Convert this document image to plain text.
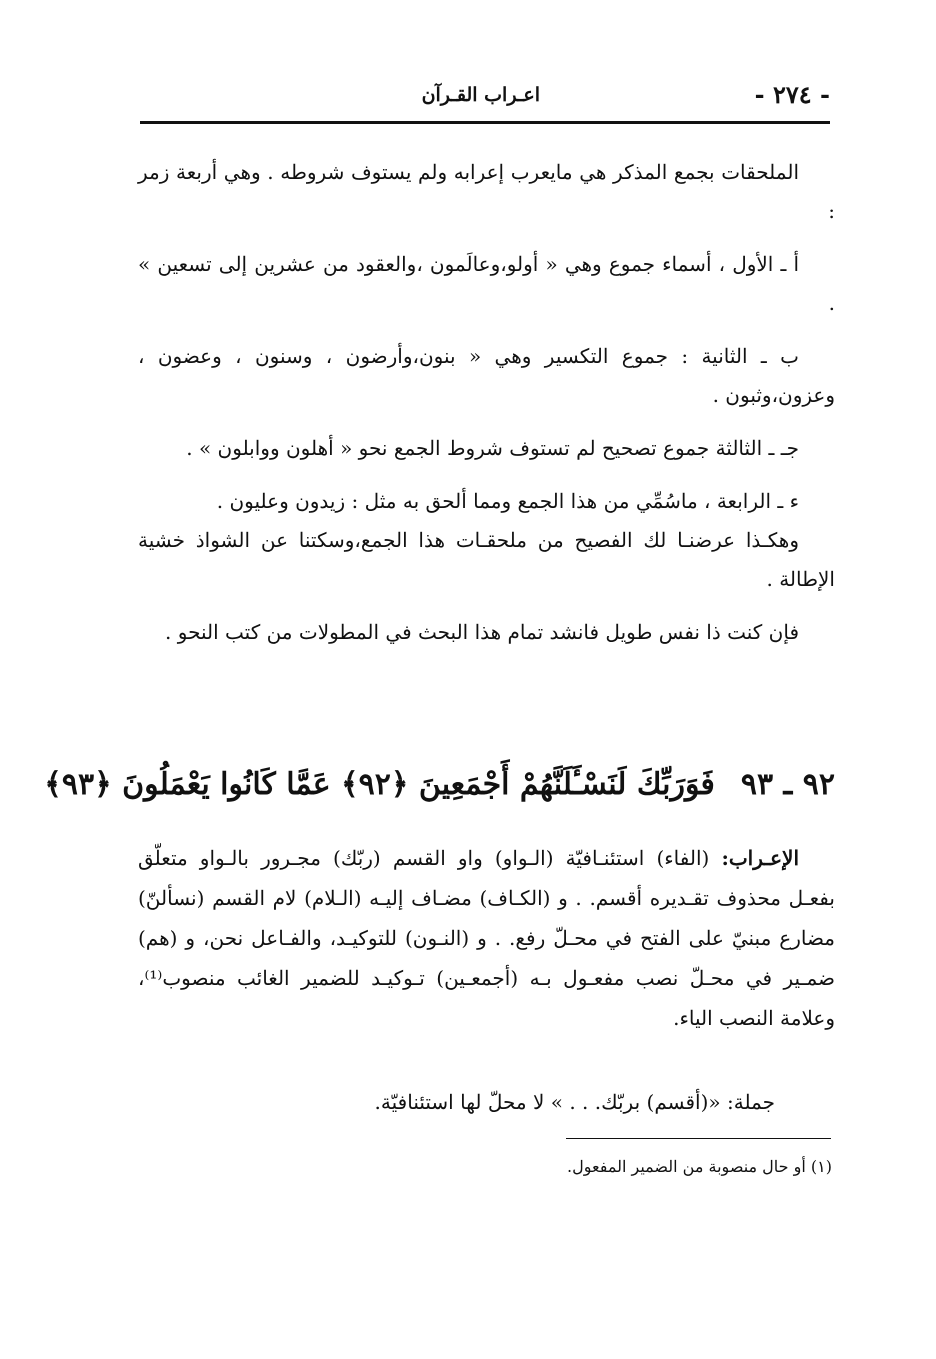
- ٢٧٤ -
اعـراب القـرآن

الملحقات بجمع المذكر هي مايعرب إعرابه ولم يستوف شروطه . وهي أربعة زمر :

أ ـ الأول ، أسماء جموع وهي « أولو،وعالَمون ،والعقود من عشرين إلى تسعين » .

ب ـ الثانية : جموع التكسير وهي « بنون،وأرضون ، وسنون ، وعضون ، وعزون،وثبون .

جـ ـ الثالثة جموع تصحيح لم تستوف شروط الجمع نحو « أهلون ووابلون » .

ء ـ الرابعة ، ماسُمِّي من هذا الجمع ومما ألحق به مثل : زيدون وعليون .

وهكـذا عرضنـا لك الفصيح من ملحقـات هذا الجمع،وسكتنا عن الشواذ خشية الإطالة .

فإن كنت ذا نفس طويل فانشد تمام هذا البحث في المطولات من كتب النحو .

٩٢ ـ ٩٣فَوَرَبِّكَ لَنَسْـَٔلَنَّهُمْ أَجْمَعِينَ ﴿٩٢﴾ عَمَّا كَانُوا يَعْمَلُونَ ﴿٩٣﴾

الإعـراب: (الفاء) استئنـافيّة (الـواو) واو القسم (ربّك) مجـرور بالـواو متعلّق بفعـل محذوف تقـديره أقسم. . و (الكـاف) مضـاف إليـه (الـلام) لام القسم (نسألنّ) مضارع مبنيّ على الفتح في محـلّ رفع. . و (النـون) للتوكيـد، والفـاعل نحن، و (هم) ضمـير في محـلّ نصب مفعـول بـه (أجمعـين) تـوكيـد للضمير الغائب منصوب⁽¹⁾، وعلامة النصب الياء.

جملة: «(أقسم) بربّك. . . » لا محلّ لها استئنافيّة.
(١) أو حال منصوبة من الضمير المفعول.
